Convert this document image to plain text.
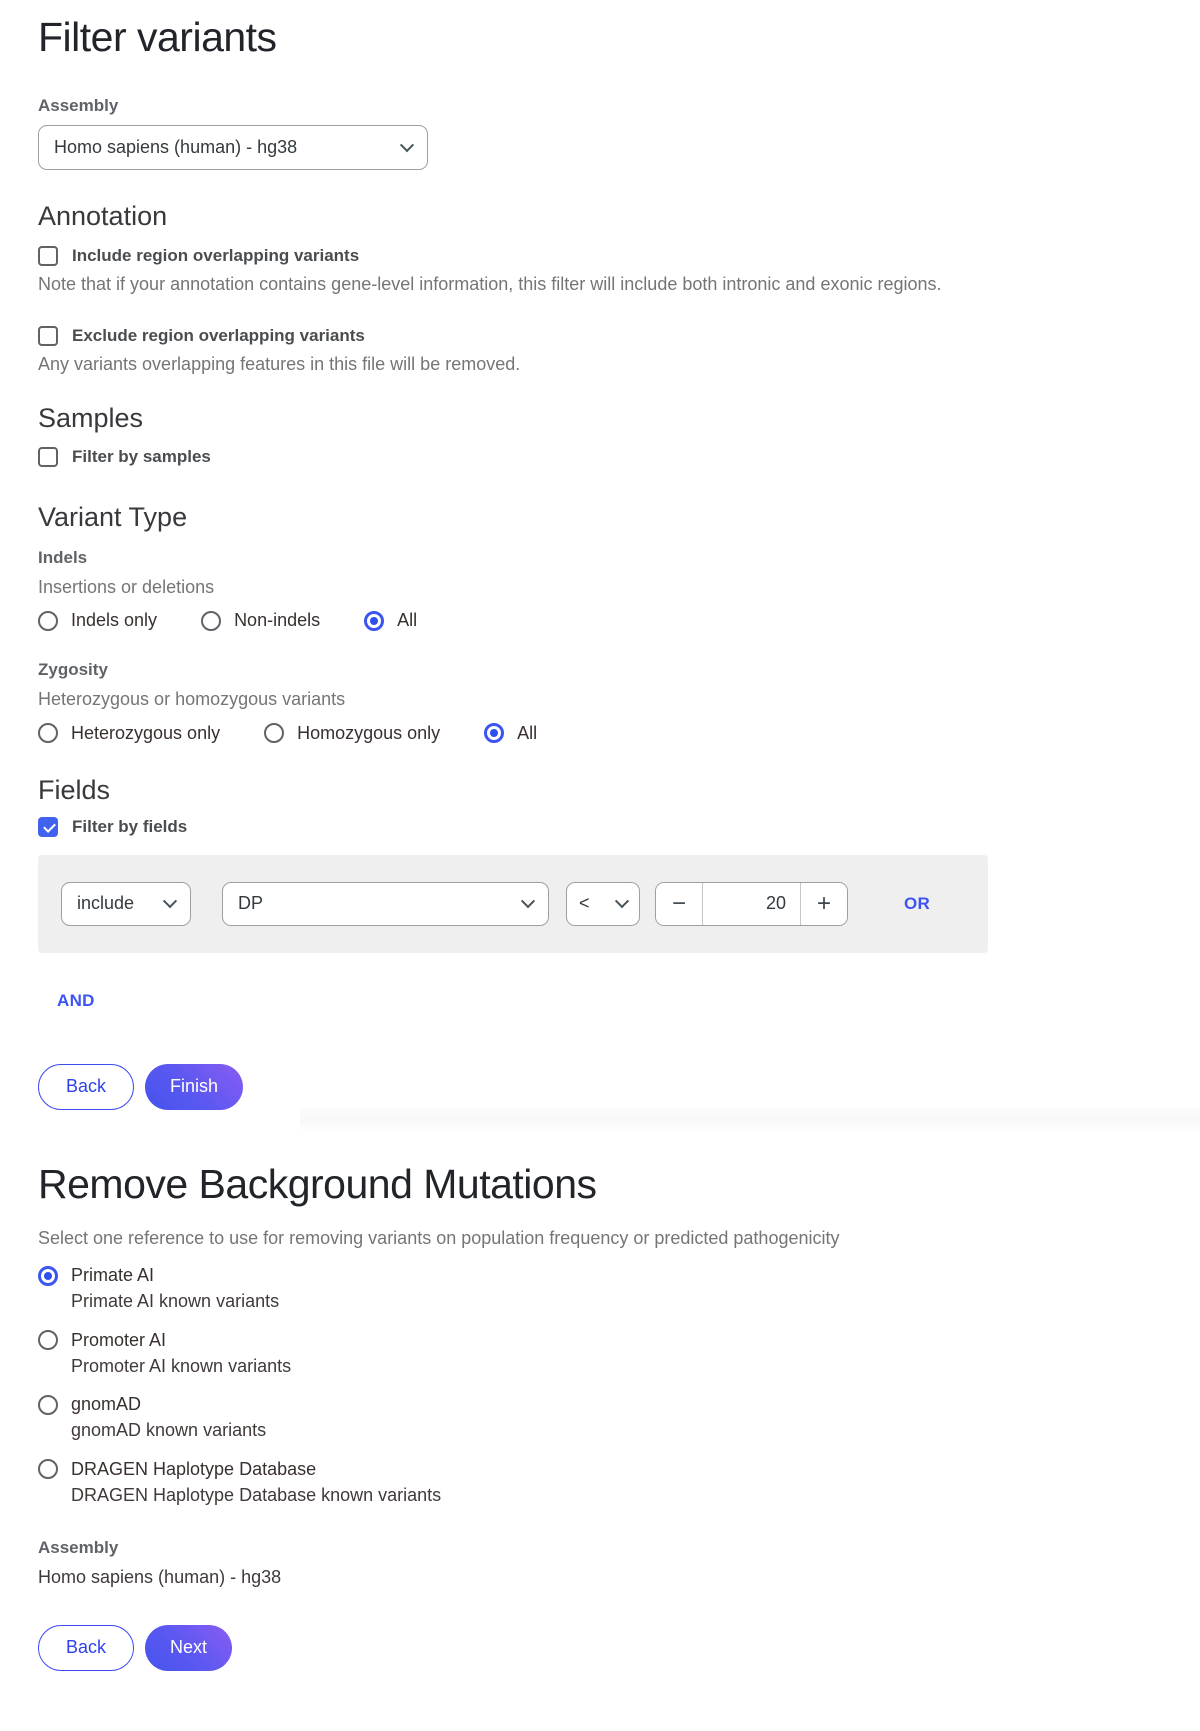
Filter variants
Assembly
Homo sapiens (human) - hg38
Annotation
Include region overlapping variants

Note that if your annotation contains gene-level information, this filter will include both intronic and exonic regions.

Exclude region overlapping variants

Any variants overlapping features in this file will be removed.

Samples
Filter by samples
Variant Type
Indels

Insertions or deletions

Indels only	Non-indels	All
Zygosity

Heterozygous or homozygous variants

Heterozygous only	Homozygous only	All
Fields
Filter by fields
include	DP	<	−	20	+	OR
AND
Back	Finish
Remove Background Mutations

Select one reference to use for removing variants on population frequency or predicted pathogenicity

Primate AI

Primate AI known variants

Promoter AI

Promoter AI known variants

gnomAD

gnomAD known variants

DRAGEN Haplotype Database

DRAGEN Haplotype Database known variants

Assembly
Homo sapiens (human) - hg38
Back	Next
